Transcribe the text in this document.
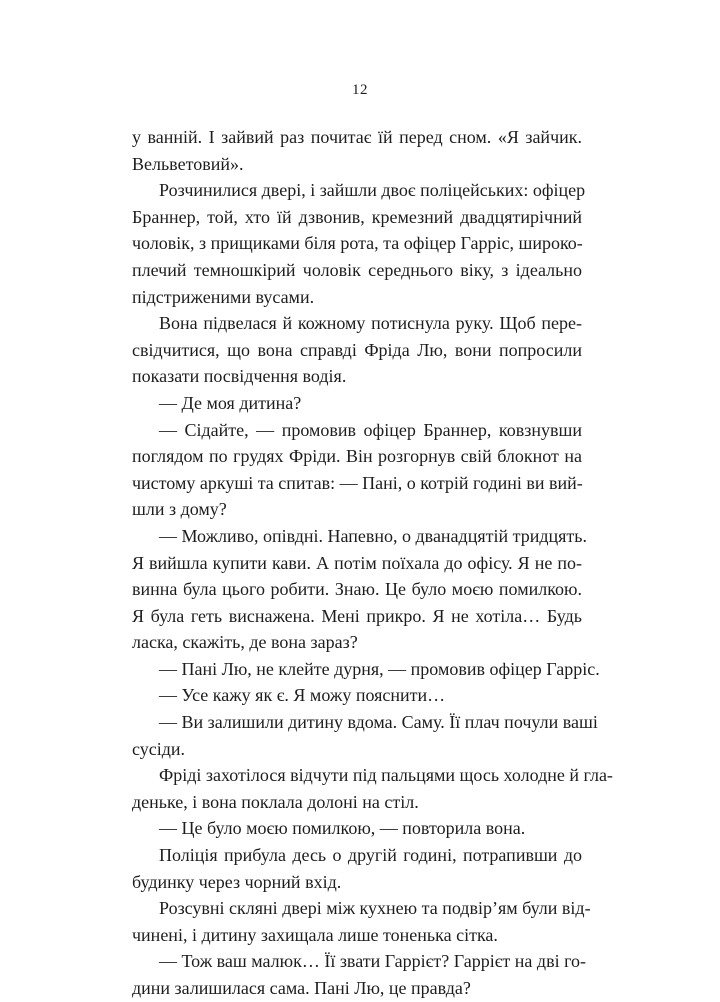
12
у ванній. І зайвий раз почитає їй перед сном. «Я зайчик.
Вельветовий».
Розчинилися двері, і зайшли двоє поліцейських: офіцер
Браннер, той, хто їй дзвонив, кремезний двадцятирічний
чоловік, з прищиками біля рота, та офіцер Гарріс, широко-
плечий темношкірий чоловік середнього віку, з ідеально
підстриженими вусами.
Вона підвелася й кожному потиснула руку. Щоб пере-
свідчитися, що вона справді Фріда Лю, вони попросили
показати посвідчення водія.
— Де моя дитина?
— Сідайте, — промовив офіцер Браннер, ковзнувши
поглядом по грудях Фріди. Він розгорнув свій блокнот на
чистому аркуші та спитав: — Пані, о котрій годині ви вий-
шли з дому?
— Можливо, опівдні. Напевно, о дванадцятій тридцять.
Я вийшла купити кави. А потім поїхала до офісу. Я не по-
винна була цього робити. Знаю. Це було моєю помилкою.
Я була геть виснажена. Мені прикро. Я не хотіла… Будь
ласка, скажіть, де вона зараз?
— Пані Лю, не клейте дурня, — промовив офіцер Гарріс.
— Усе кажу як є. Я можу пояснити…
— Ви залишили дитину вдома. Саму. Її плач почули ваші
сусіди.
Фріді захотілося відчути під пальцями щось холодне й гла-
деньке, і вона поклала долоні на стіл.
— Це було моєю помилкою, — повторила вона.
Поліція прибула десь о другій годині, потрапивши до
будинку через чорний вхід.
Розсувні скляні двері між кухнею та подвір’ям були від-
чинені, і дитину захищала лише тоненька сітка.
— Тож ваш малюк… Її звати Гаррієт? Гаррієт на дві го-
дини залишилася сама. Пані Лю, це правда?
